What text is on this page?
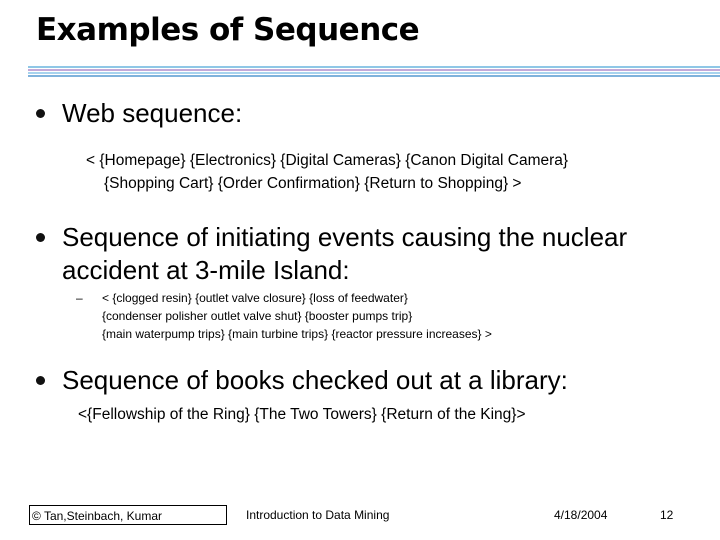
Examples of Sequence
Web sequence:
< {Homepage} {Electronics} {Digital Cameras} {Canon Digital Camera}
{Shopping Cart} {Order Confirmation} {Return to Shopping} >
Sequence of initiating events causing the nuclear
accident at 3-mile Island:
– < {clogged resin} {outlet valve closure} {loss of feedwater}
{condenser polisher outlet valve shut} {booster pumps trip}
{main waterpump trips} {main turbine trips} {reactor pressure increases} >
Sequence of books checked out at a library:
<{Fellowship of the Ring} {The Two Towers} {Return of the King}>
© Tan,Steinbach, Kumar	Introduction to Data Mining	4/18/2004	12
